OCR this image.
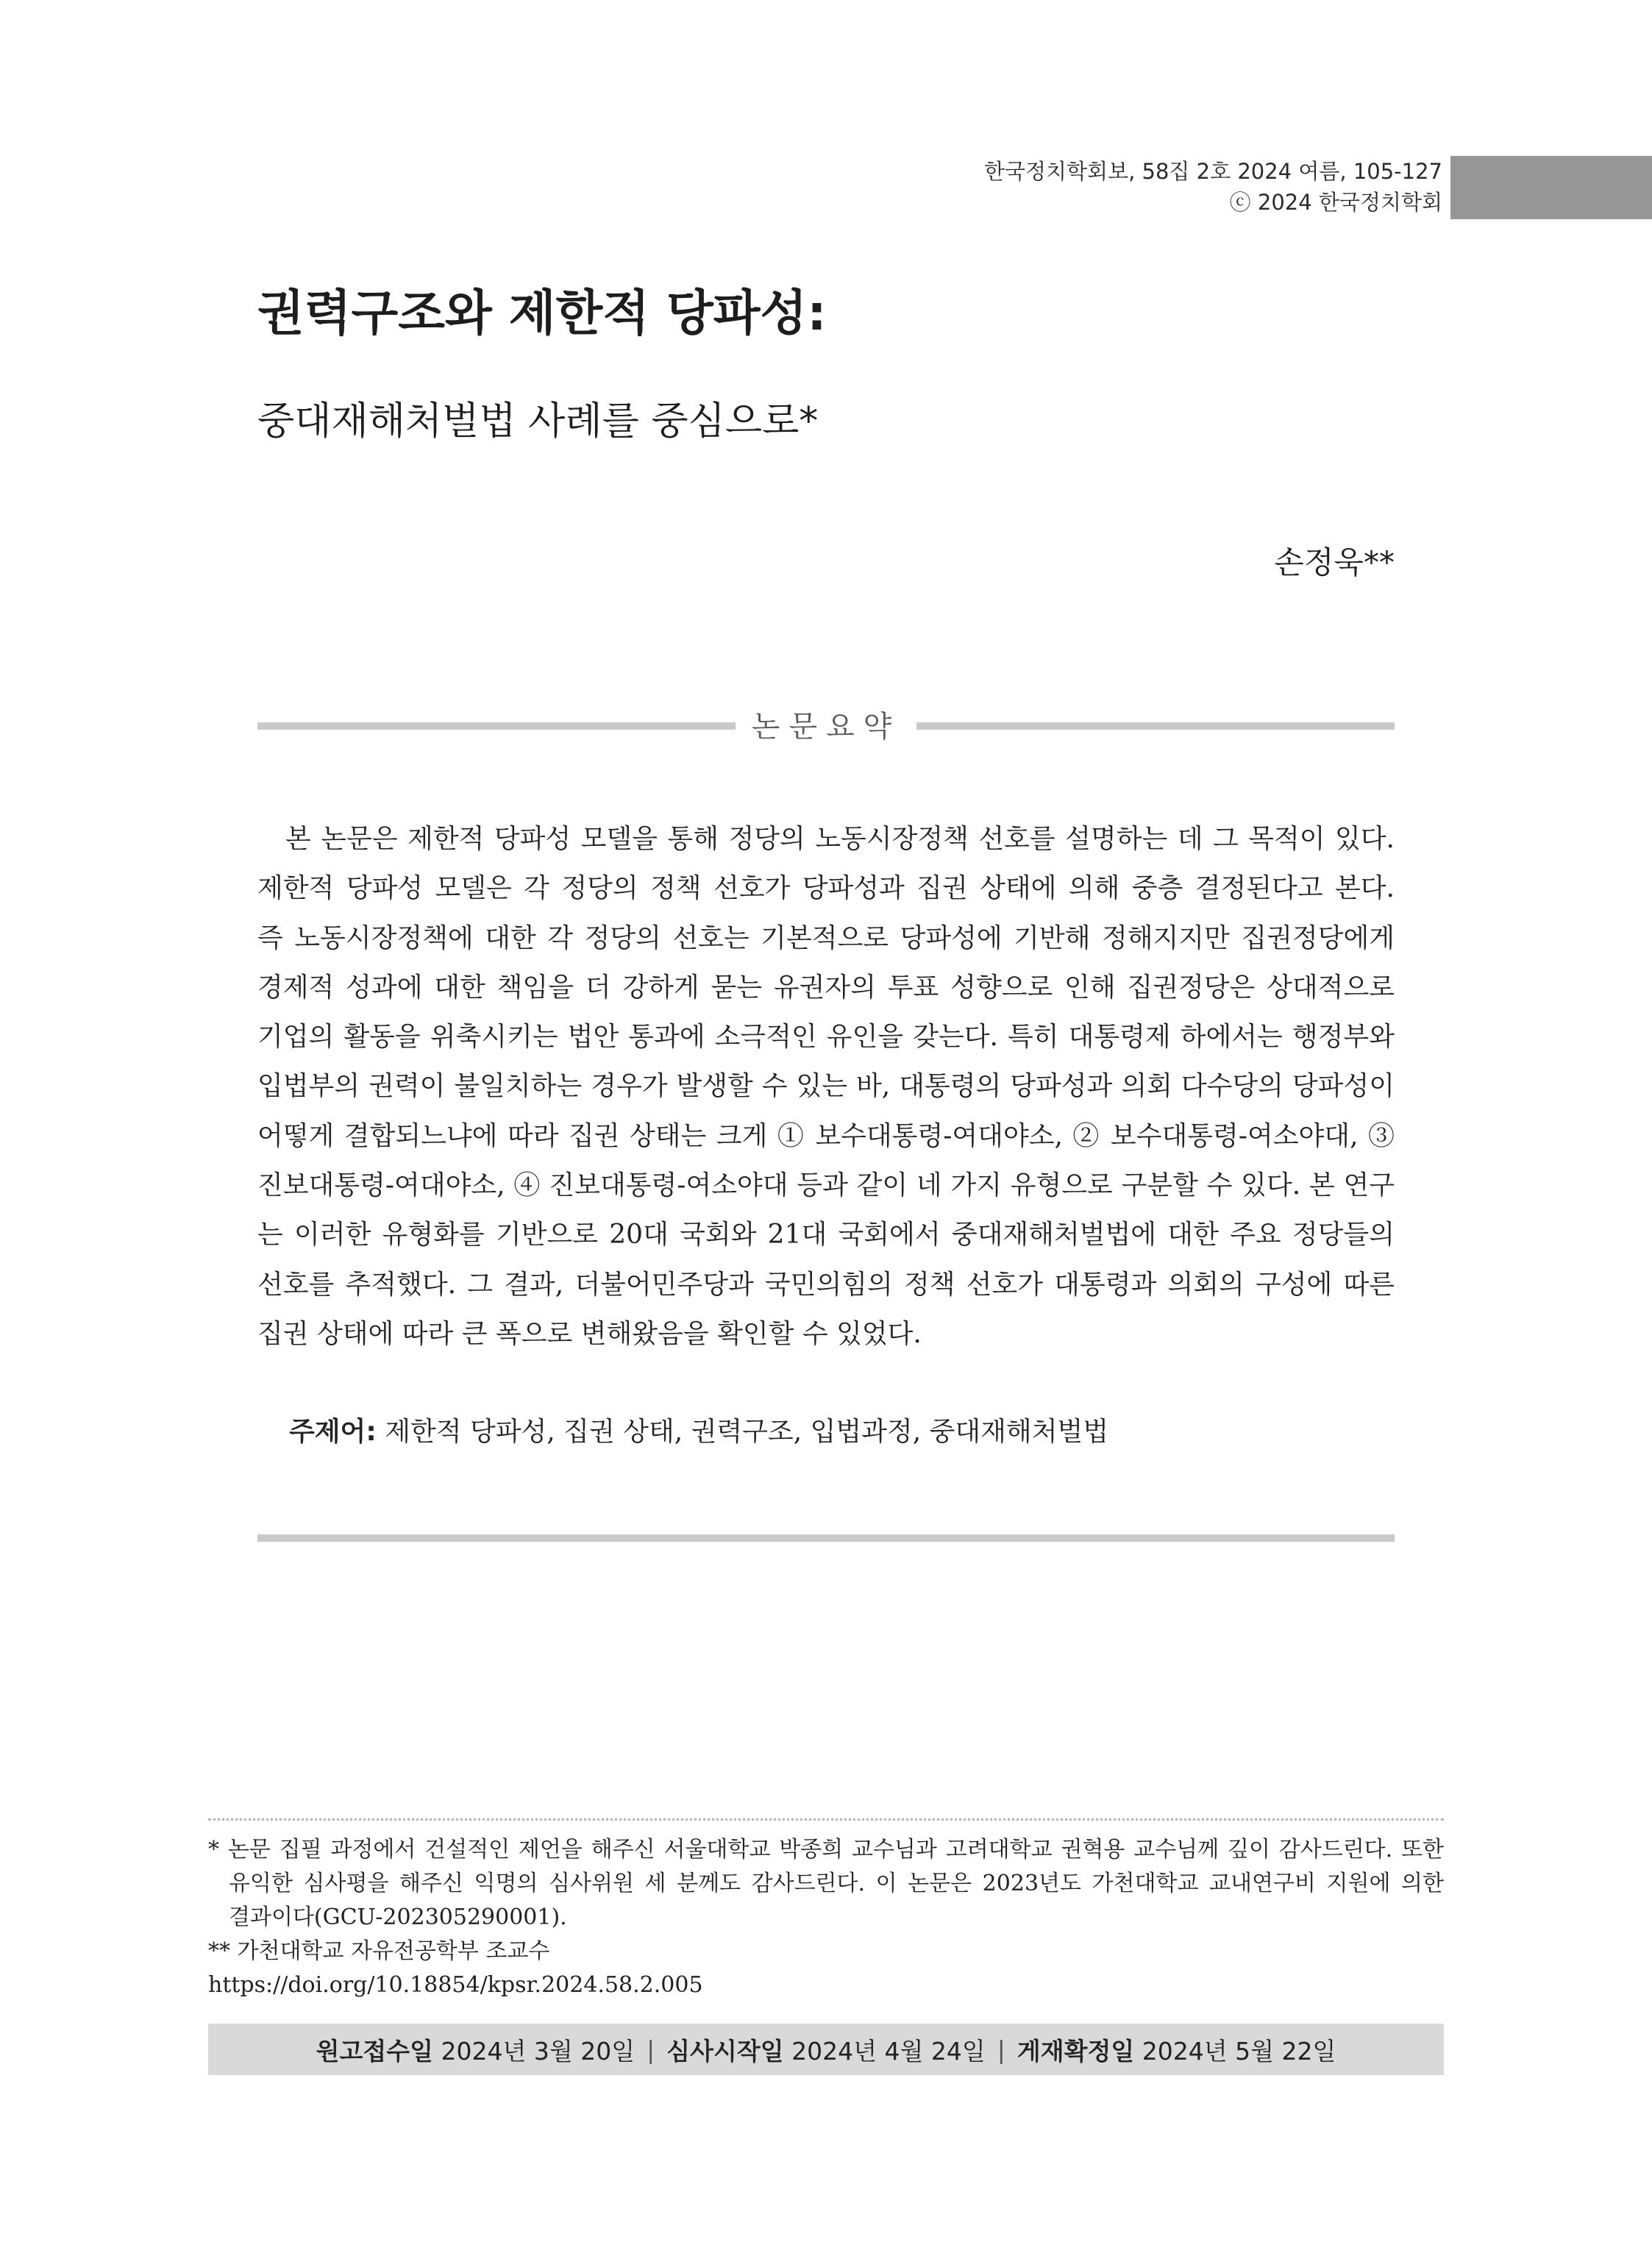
한국정치학회보, 58집 2호 2024 여름, 105-127
ⓒ 2024 한국정치학회
권력구조와 제한적 당파성:
중대재해처벌법 사례를 중심으로*
손정욱**
논문요약
　본 논문은 제한적 당파성 모델을 통해 정당의 노동시장정책 선호를 설명하는 데 그 목적이 있다.
제한적 당파성 모델은 각 정당의 정책 선호가 당파성과 집권 상태에 의해 중층 결정된다고 본다.
즉 노동시장정책에 대한 각 정당의 선호는 기본적으로 당파성에 기반해 정해지지만 집권정당에게
경제적 성과에 대한 책임을 더 강하게 묻는 유권자의 투표 성향으로 인해 집권정당은 상대적으로
기업의 활동을 위축시키는 법안 통과에 소극적인 유인을 갖는다. 특히 대통령제 하에서는 행정부와
입법부의 권력이 불일치하는 경우가 발생할 수 있는 바, 대통령의 당파성과 의회 다수당의 당파성이
어떻게 결합되느냐에 따라 집권 상태는 크게 ① 보수대통령-여대야소, ② 보수대통령-여소야대, ③
진보대통령-여대야소, ④ 진보대통령-여소야대 등과 같이 네 가지 유형으로 구분할 수 있다. 본 연구
는 이러한 유형화를 기반으로 20대 국회와 21대 국회에서 중대재해처벌법에 대한 주요 정당들의
선호를 추적했다. 그 결과, 더불어민주당과 국민의힘의 정책 선호가 대통령과 의회의 구성에 따른
집권 상태에 따라 큰 폭으로 변해왔음을 확인할 수 있었다.
주제어: 제한적 당파성, 집권 상태, 권력구조, 입법과정, 중대재해처벌법
* 논문 집필 과정에서 건설적인 제언을 해주신 서울대학교 박종희 교수님과 고려대학교 권혁용 교수님께 깊이 감사드린다. 또한
유익한 심사평을 해주신 익명의 심사위원 세 분께도 감사드린다. 이 논문은 2023년도 가천대학교 교내연구비 지원에 의한
결과이다(GCU-202305290001).
** 가천대학교 자유전공학부 조교수
https://doi.org/10.18854/kpsr.2024.58.2.005
원고접수일
2024년 3월 20일 | 심사시작일
2024년 4월 24일 | 게재확정일
2024년 5월 22일
